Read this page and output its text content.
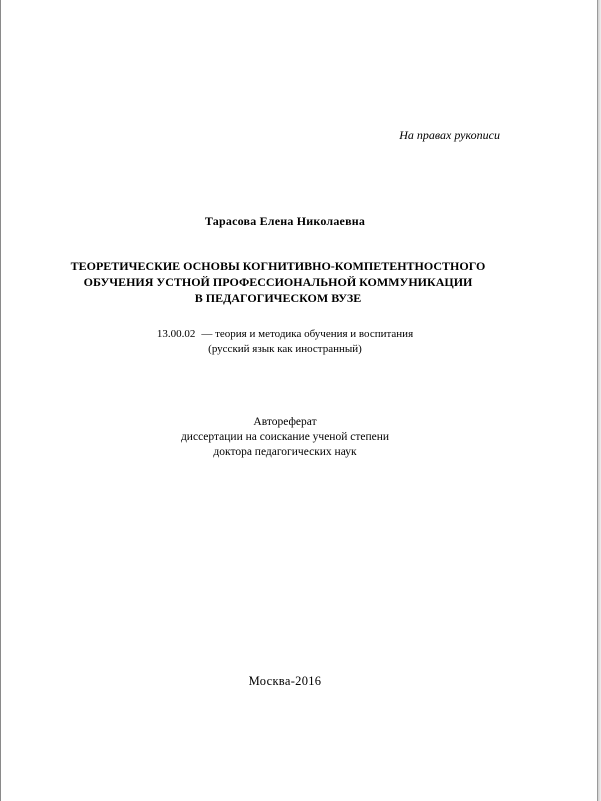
На правах рукописи
Тарасова Елена Николаевна
ТЕОРЕТИЧЕСКИЕ ОСНОВЫ КОГНИТИВНО-КОМПЕТЕНТНОСТНОГО
ОБУЧЕНИЯ УСТНОЙ ПРОФЕССИОНАЛЬНОЙ КОММУНИКАЦИИ
В ПЕДАГОГИЧЕСКОМ ВУЗЕ
13.00.02 — теория и методика обучения и воспитания
(русский язык как иностранный)
Автореферат
диссертации на соискание ученой степени
доктора педагогических наук
Москва-2016
